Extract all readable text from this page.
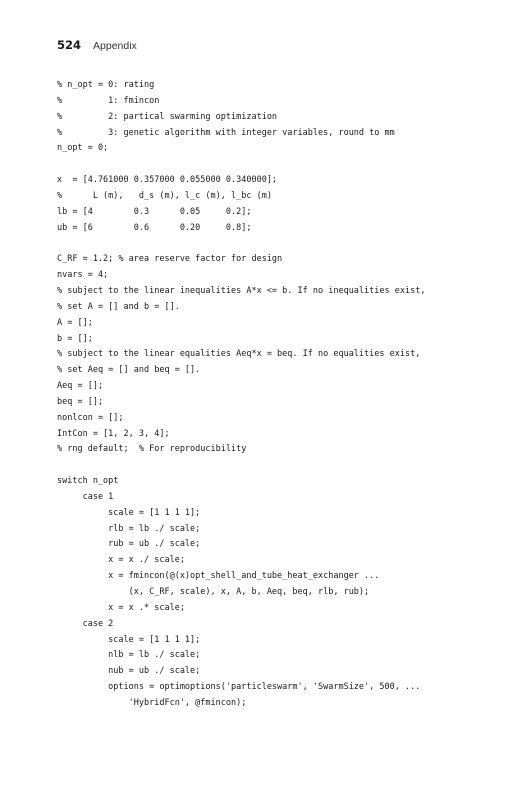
524 Appendix
% n_opt = 0: rating
%         1: fmincon
%         2: partical swarming optimization
%         3: genetic algorithm with integer variables, round to mm
n_opt = 0;
x  = [4.761000 0.357000 0.055000 0.340000];
%      L (m),   d_s (m), l_c (m), l_bc (m)
lb = [4        0.3      0.05     0.2];
ub = [6        0.6      0.20     0.8];
C_RF = 1.2; % area reserve factor for design
nvars = 4;
% subject to the linear inequalities A*x <= b. If no inequalities exist,
% set A = [] and b = [].
A = [];
b = [];
% subject to the linear equalities Aeq*x = beq. If no equalities exist,
% set Aeq = [] and beq = [].
Aeq = [];
beq = [];
nonlcon = [];
IntCon = [1, 2, 3, 4];
% rng default;  % For reproducibility
switch n_opt
case 1
scale = [1 1 1 1];
rlb = lb ./ scale;
rub = ub ./ scale;
x = x ./ scale;
x = fmincon(@(x)opt_shell_and_tube_heat_exchanger ...
(x, C_RF, scale), x, A, b, Aeq, beq, rlb, rub);
x = x .* scale;
case 2
scale = [1 1 1 1];
nlb = lb ./ scale;
nub = ub ./ scale;
options = optimoptions('particleswarm', 'SwarmSize', 500, ...
'HybridFcn', @fmincon);
